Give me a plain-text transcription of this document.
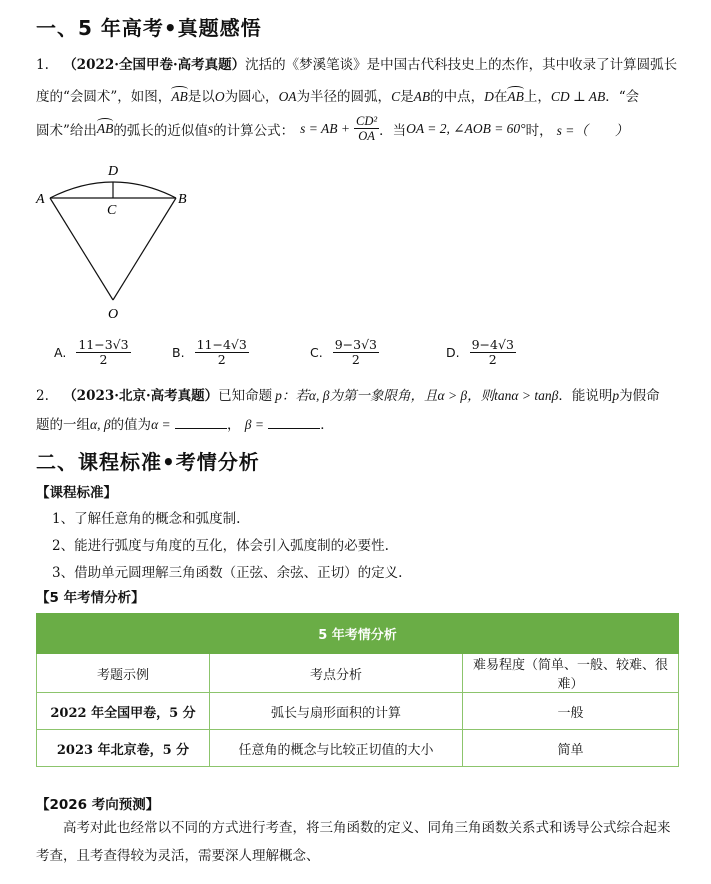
一、5 年高考•真题感悟
1. （2022·全国甲卷·高考真题）沈括的《梦溪笔谈》是中国古代科技史上的杰作，其中收录了计算圆弧长
度的“会圆术”，如图，AB是以O为圆心，OA为半径的圆弧，C是AB的中点，D在AB上，CD ⊥ AB．“会
圆术”给出 AB 的弧长的近似值 s 的计算公式： s = AB + $\frac{\text{CD²}}{OA}$ ．当 OA = 2, ∠AOB = 60° 时， s =（　　）
A	B
C
D
O
A. $\frac{11-3√3}{2}$	B. $\frac{11-4√3}{2}$	C. $\frac{9-3√3}{2}$	D. $\frac{9-4√3}{2}$
2. （2023·北京·高考真题）已知命题 p：若α, β为第一象限角，且α > β，则tanα > tanβ．能说明p为假命
题的一组α, β的值为α =	， β =	．
二、课程标准•考情分析
【课程标准】
1、了解任意角的概念和弧度制.
2、能进行弧度与角度的互化，体会引入弧度制的必要性.
3、借助单元圆理解三角函数（正弦、余弦、正切）的定义.
【5 年考情分析】
5 年考情分析		
考题示例	考点分析	难易程度（简单、一般、较难、很难）
2022 年全国甲卷，5 分	弧长与扇形面积的计算	一般
2023 年北京卷，5 分	任意角的概念与比较正切值的大小	简单
【2026 考向预测】
高考对此也经常以不同的方式进行考查，将三角函数的定义、同角三角函数关系式和诱导公式综合起来考查，且考查得较为灵活，需要深人理解概念、
